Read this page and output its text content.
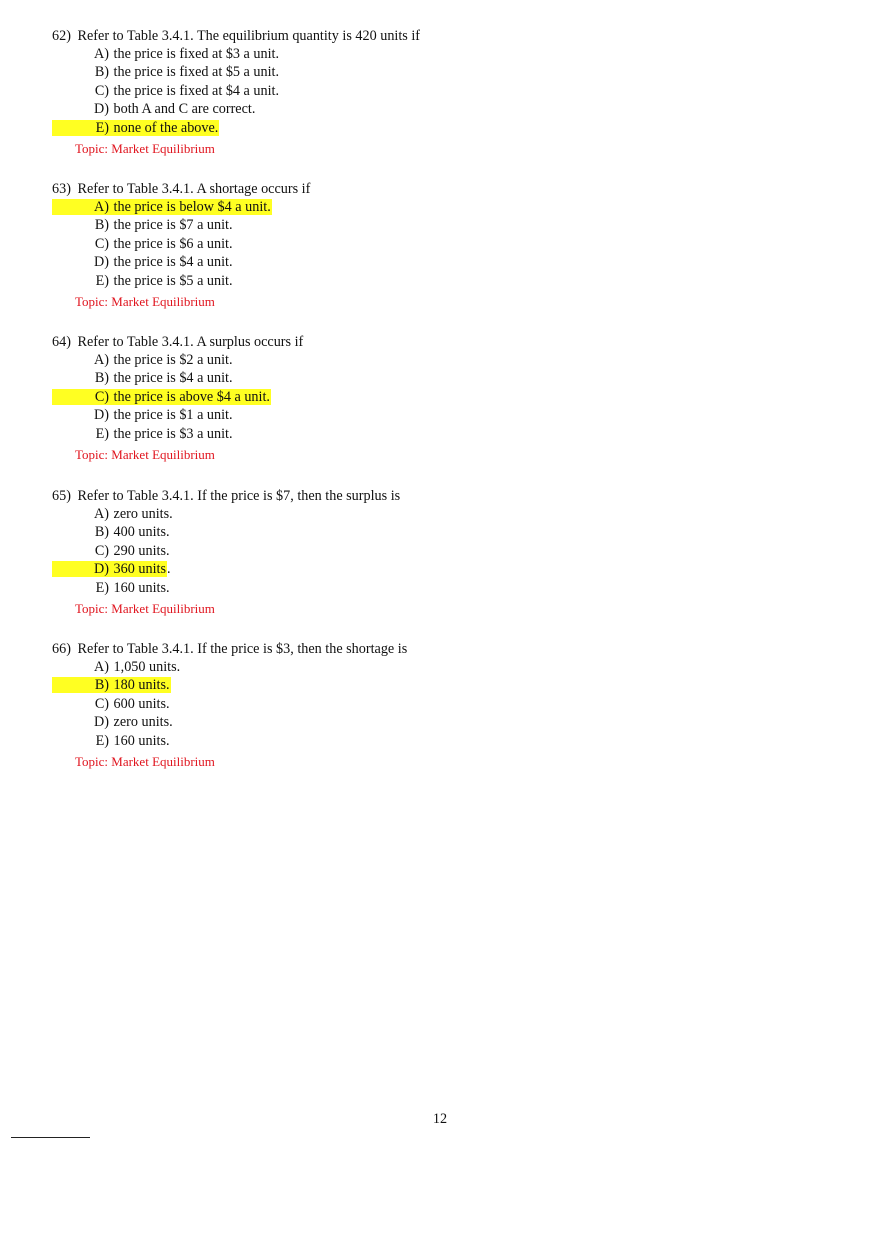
62) Refer to Table 3.4.1. The equilibrium quantity is 420 units if
A) the price is fixed at $3 a unit.
B) the price is fixed at $5 a unit.
C) the price is fixed at $4 a unit.
D) both A and C are correct.
E) none of the above.
Topic: Market Equilibrium
63) Refer to Table 3.4.1. A shortage occurs if
A) the price is below $4 a unit.
B) the price is $7 a unit.
C) the price is $6 a unit.
D) the price is $4 a unit.
E) the price is $5 a unit.
Topic: Market Equilibrium
64) Refer to Table 3.4.1. A surplus occurs if
A) the price is $2 a unit.
B) the price is $4 a unit.
C) the price is above $4 a unit.
D) the price is $1 a unit.
E) the price is $3 a unit.
Topic: Market Equilibrium
65) Refer to Table 3.4.1. If the price is $7, then the surplus is
A) zero units.
B) 400 units.
C) 290 units.
D) 360 units.
E) 160 units.
Topic: Market Equilibrium
66) Refer to Table 3.4.1. If the price is $3, then the shortage is
A) 1,050 units.
B) 180 units.
C) 600 units.
D) zero units.
E) 160 units.
Topic: Market Equilibrium
12
